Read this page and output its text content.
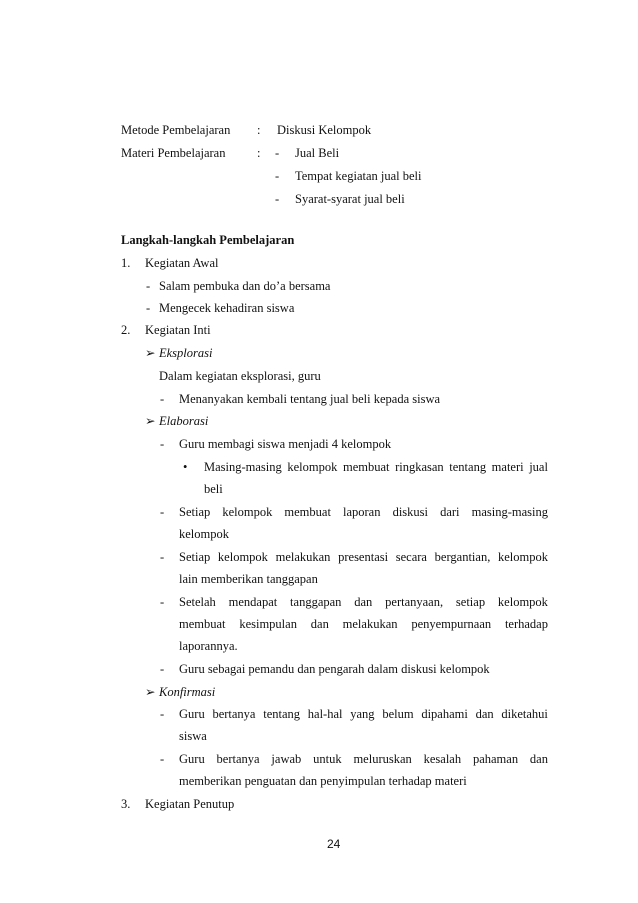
Metode Pembelajaran : Diskusi Kelompok
Materi Pembelajaran	: - Jual Beli
- Tempat kegiatan jual beli
- Syarat-syarat jual beli
Langkah-langkah Pembelajaran
1. Kegiatan Awal
- Salam pembuka dan do’a bersama
- Mengecek kehadiran siswa
2. Kegiatan Inti
➢ Eksplorasi
Dalam kegiatan eksplorasi, guru
- Menanyakan kembali tentang jual beli kepada siswa
➢ Elaborasi
- Guru membagi siswa menjadi 4 kelompok
• Masing-masing kelompok membuat ringkasan tentang materi jual
beli
- Setiap kelompok membuat laporan diskusi dari masing-masing
kelompok
- Setiap kelompok melakukan presentasi secara bergantian, kelompok
lain memberikan tanggapan
- Setelah mendapat tanggapan dan pertanyaan, setiap kelompok
membuat kesimpulan dan melakukan penyempurnaan terhadap
laporannya.
- Guru sebagai pemandu dan pengarah dalam diskusi kelompok
➢ Konfirmasi
- Guru bertanya tentang hal-hal yang belum dipahami dan diketahui
siswa
- Guru bertanya jawab untuk meluruskan kesalah pahaman dan
memberikan penguatan dan penyimpulan terhadap materi
3. Kegiatan Penutup
24
